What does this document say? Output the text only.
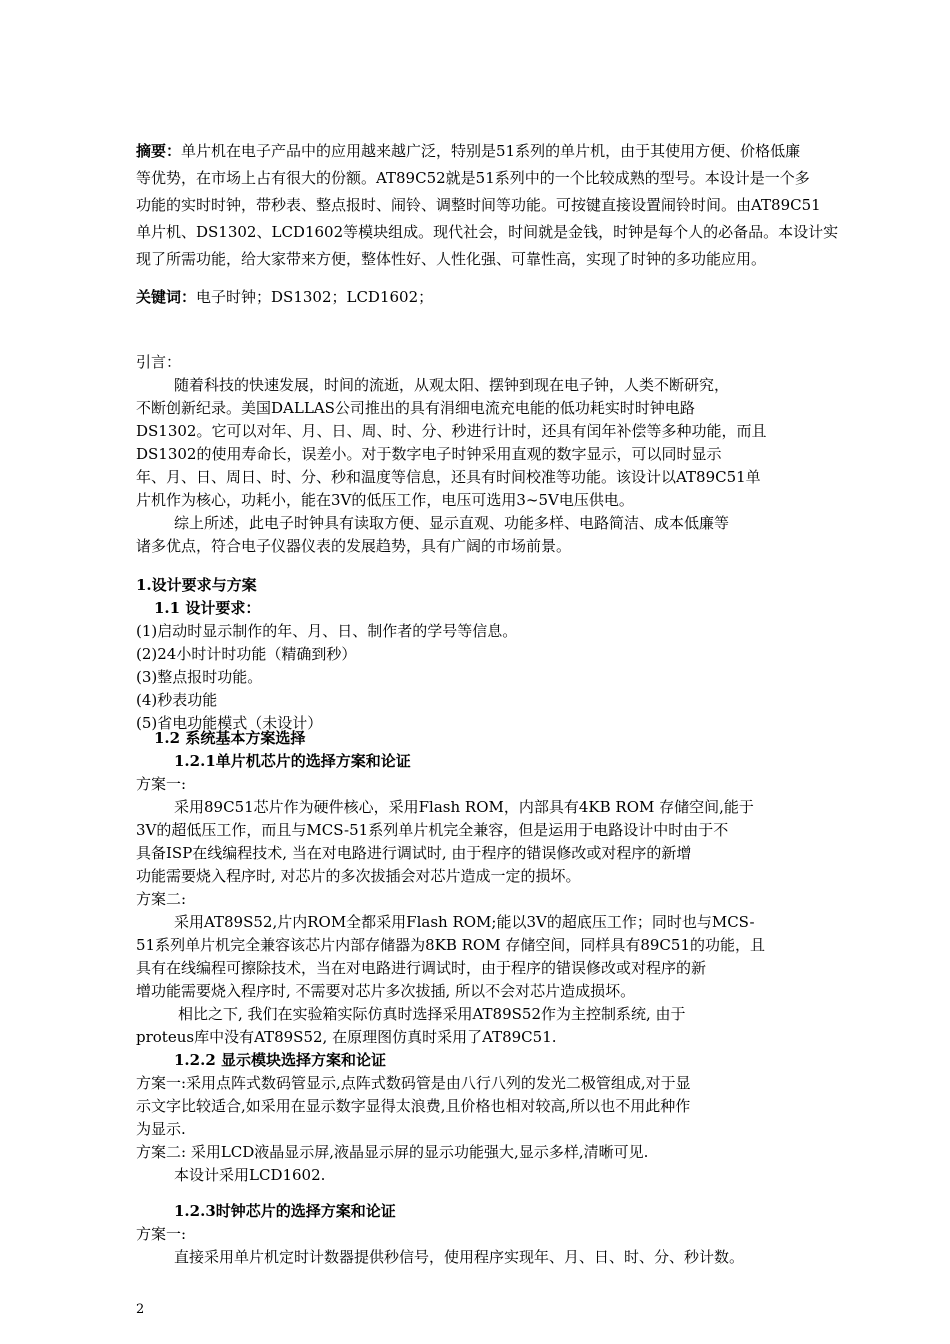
摘要：单片机在电子产品中的应用越来越广泛，特别是51系列的单片机，由于其使用方便、价格低廉
等优势，在市场上占有很大的份额。AT89C52就是51系列中的一个比较成熟的型号。本设计是一个多
功能的实时时钟，带秒表、整点报时、闹铃、调整时间等功能。可按键直接设置闹铃时间。由AT89C51
单片机、DS1302、LCD1602等模块组成。现代社会，时间就是金钱，时钟是每个人的必备品。本设计实
现了所需功能，给大家带来方便，整体性好、人性化强、可靠性高，实现了时钟的多功能应用。
关键词：电子时钟；DS1302；LCD1602；
引言：
随着科技的快速发展，时间的流逝，从观太阳、摆钟到现在电子钟，人类不断研究，
不断创新纪录。美国DALLAS公司推出的具有涓细电流充电能的低功耗实时时钟电路
DS1302。它可以对年、月、日、周、时、分、秒进行计时，还具有闰年补偿等多种功能，而且
DS1302的使用寿命长，误差小。对于数字电子时钟采用直观的数字显示，可以同时显示
年、月、日、周日、时、分、秒和温度等信息，还具有时间校准等功能。该设计以AT89C51单
片机作为核心，功耗小，能在3V的低压工作，电压可选用3~5V电压供电。
综上所述，此电子时钟具有读取方便、显示直观、功能多样、电路简洁、成本低廉等
诸多优点，符合电子仪器仪表的发展趋势，具有广阔的市场前景。
1.设计要求与方案
1.1 设计要求：
(1)启动时显示制作的年、月、日、制作者的学号等信息。
(2)24小时计时功能（精确到秒）
(3)整点报时功能。
(4)秒表功能
(5)省电功能模式（未设计）
1.2 系统基本方案选择
1.2.1单片机芯片的选择方案和论证
方案一:
采用89C51芯片作为硬件核心，采用Flash ROM，内部具有4KB ROM 存储空间,能于
3V的超低压工作，而且与MCS-51系列单片机完全兼容，但是运用于电路设计中时由于不
具备ISP在线编程技术, 当在对电路进行调试时, 由于程序的错误修改或对程序的新增
功能需要烧入程序时, 对芯片的多次拔插会对芯片造成一定的损坏。
方案二:
采用AT89S52,片内ROM全都采用Flash ROM;能以3V的超底压工作；同时也与MCS-
51系列单片机完全兼容该芯片内部存储器为8KB ROM 存储空间，同样具有89C51的功能，且
具有在线编程可擦除技术，当在对电路进行调试时，由于程序的错误修改或对程序的新
增功能需要烧入程序时, 不需要对芯片多次拔插, 所以不会对芯片造成损坏。
相比之下, 我们在实验箱实际仿真时选择采用AT89S52作为主控制系统, 由于
proteus库中没有AT89S52, 在原理图仿真时采用了AT89C51.
1.2.2 显示模块选择方案和论证
方案一:采用点阵式数码管显示,点阵式数码管是由八行八列的发光二极管组成,对于显
示文字比较适合,如采用在显示数字显得太浪费,且价格也相对较高,所以也不用此种作
为显示.
方案二: 采用LCD液晶显示屏,液晶显示屏的显示功能强大,显示多样,清晰可见.
本设计采用LCD1602.
1.2.3时钟芯片的选择方案和论证
方案一:
直接采用单片机定时计数器提供秒信号，使用程序实现年、月、日、时、分、秒计数。
2
